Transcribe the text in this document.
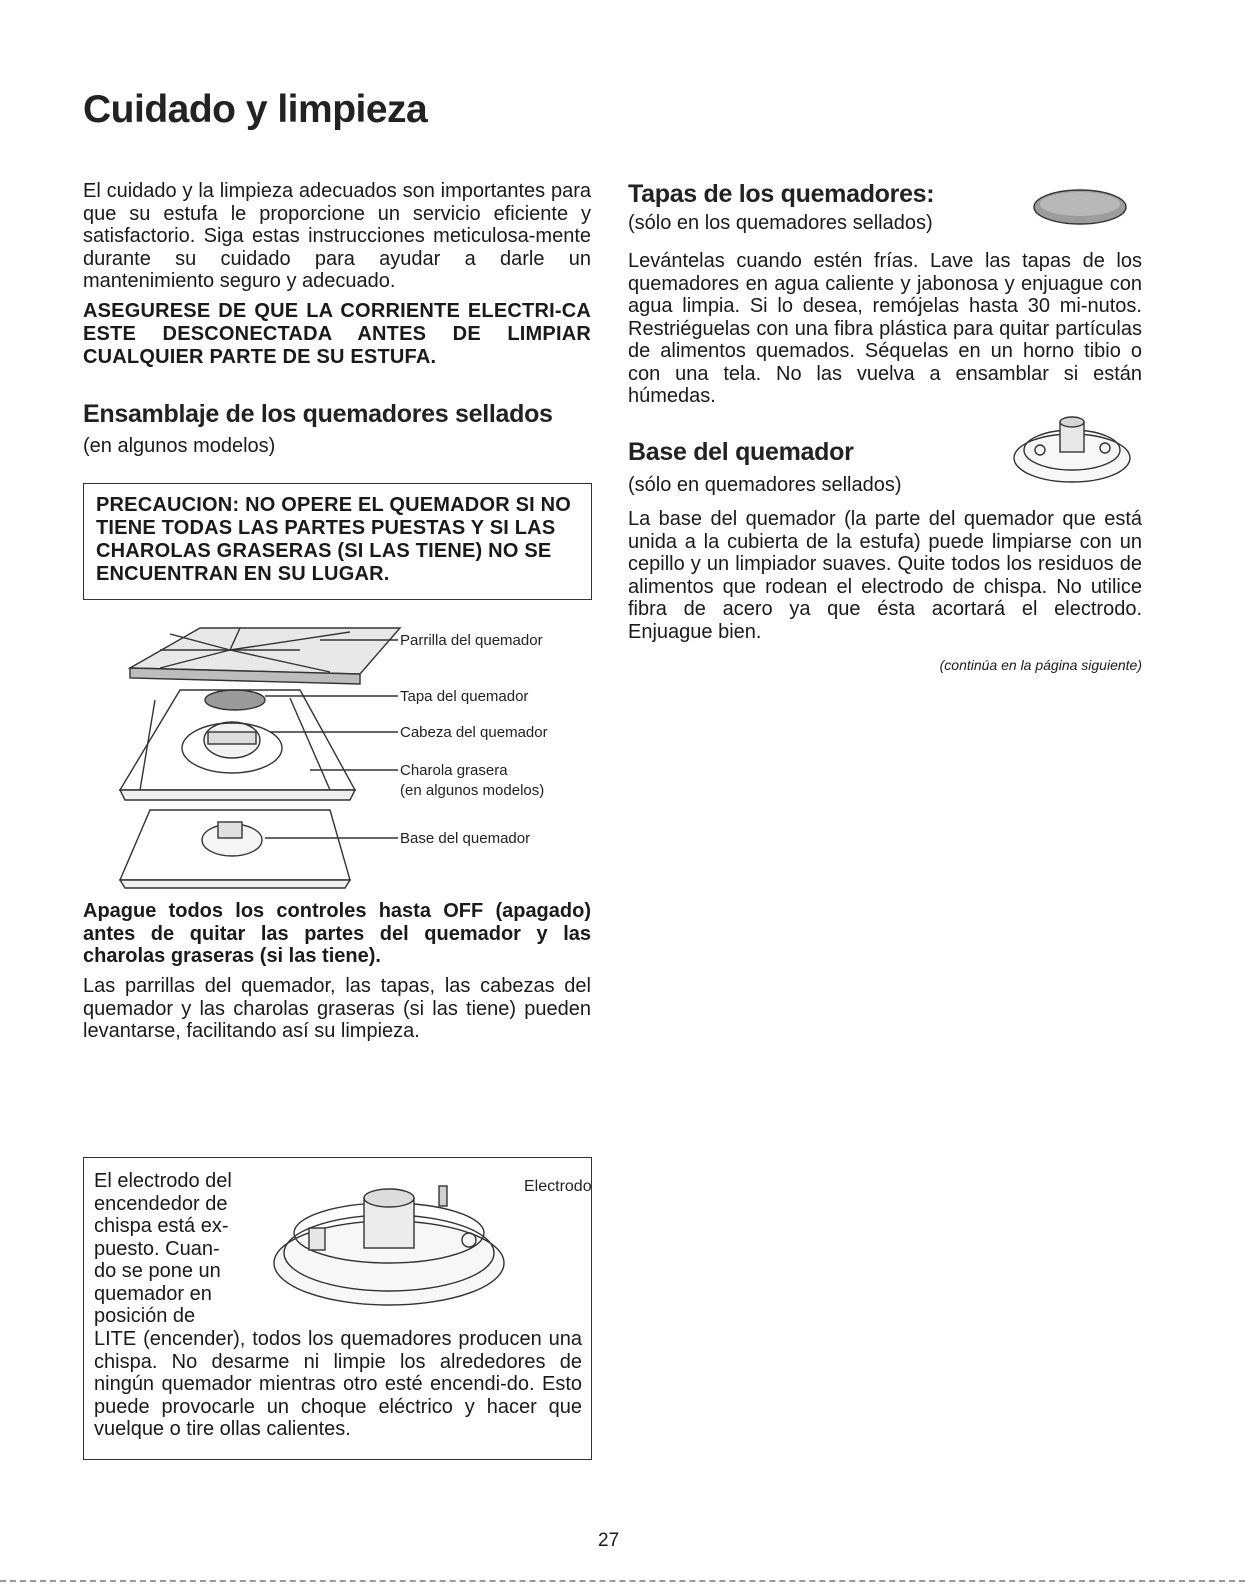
Cuidado y limpieza
El cuidado y la limpieza adecuados son importantes para que su estufa le proporcione un servicio eficiente y satisfactorio. Siga estas instrucciones meticulosa-mente durante su cuidado para ayudar a darle un mantenimiento seguro y adecuado.
ASEGURESE DE QUE LA CORRIENTE ELECTRI-CA ESTE DESCONECTADA ANTES DE LIMPIAR CUALQUIER PARTE DE SU ESTUFA.
Ensamblaje de los quemadores sellados
(en algunos modelos)
PRECAUCION: NO OPERE EL QUEMADOR SI NO TIENE TODAS LAS PARTES PUESTAS Y SI LAS CHAROLAS GRASERAS (SI LAS TIENE) NO SE ENCUENTRAN EN SU LUGAR.
Parrilla del quemador
Tapa del quemador
Cabeza del quemador
Charola grasera
(en algunos modelos)
Base del quemador
Apague todos los controles hasta OFF (apagado) antes de quitar las partes del quemador y las charolas graseras (si las tiene).
Las parrillas del quemador, las tapas, las cabezas del quemador y las charolas graseras (si las tiene) pueden levantarse, facilitando así su limpieza.
El electrodo del
encendedor de
chispa está ex-
puesto. Cuan-
do se pone un
quemador en
posición de
Electrodo
LITE (encender), todos los quemadores producen una chispa. No desarme ni limpie los alrededores de ningún quemador mientras otro esté encendi-do. Esto puede provocarle un choque eléctrico y hacer que vuelque o tire ollas calientes.
Tapas de los quemadores:
(sólo en los quemadores sellados)
Levántelas cuando estén frías. Lave las tapas de los quemadores en agua caliente y jabonosa y enjuague con agua limpia. Si lo desea, remójelas hasta 30 mi-nutos. Restriéguelas con una fibra plástica para quitar partículas de alimentos quemados. Séquelas en un horno tibio o con una tela. No las vuelva a ensamblar si están húmedas.
Base del quemador
(sólo en quemadores sellados)
La base del quemador (la parte del quemador que está unida a la cubierta de la estufa) puede limpiarse con un cepillo y un limpiador suaves. Quite todos los residuos de alimentos que rodean el electrodo de chispa. No utilice fibra de acero ya que ésta acortará el electrodo. Enjuague bien.
(continúa en la página siguiente)
27
